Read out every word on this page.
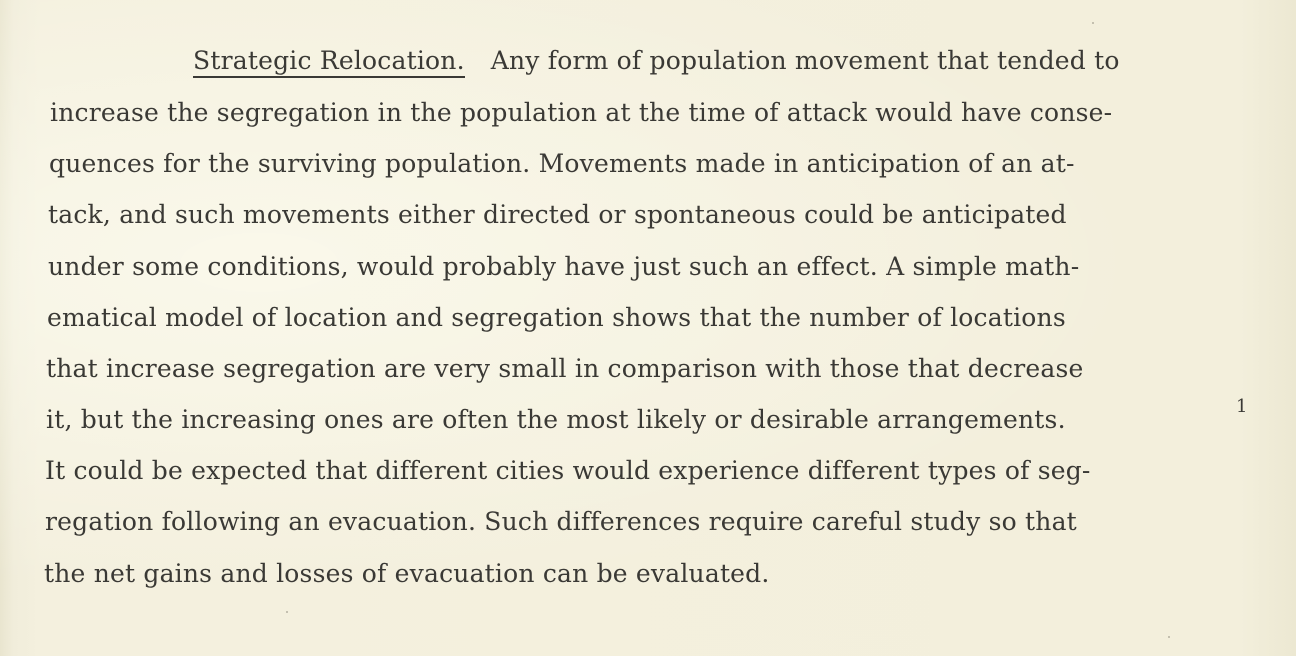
Strategic Relocation. Any form of population movement that tended to

increase the segregation in the population at the time of attack would have conse-

quences for the surviving population. Movements made in anticipation of an at-

tack, and such movements either directed or spontaneous could be anticipated

under some conditions, would probably have just such an effect. A simple math-

ematical model of location and segregation shows that the number of locations

that increase segregation are very small in comparison with those that decrease

it, but the increasing ones are often the most likely or desirable arrangements.

It could be expected that different cities would experience different types of seg-

regation following an evacuation. Such differences require careful study so that

the net gains and losses of evacuation can be evaluated.

1
